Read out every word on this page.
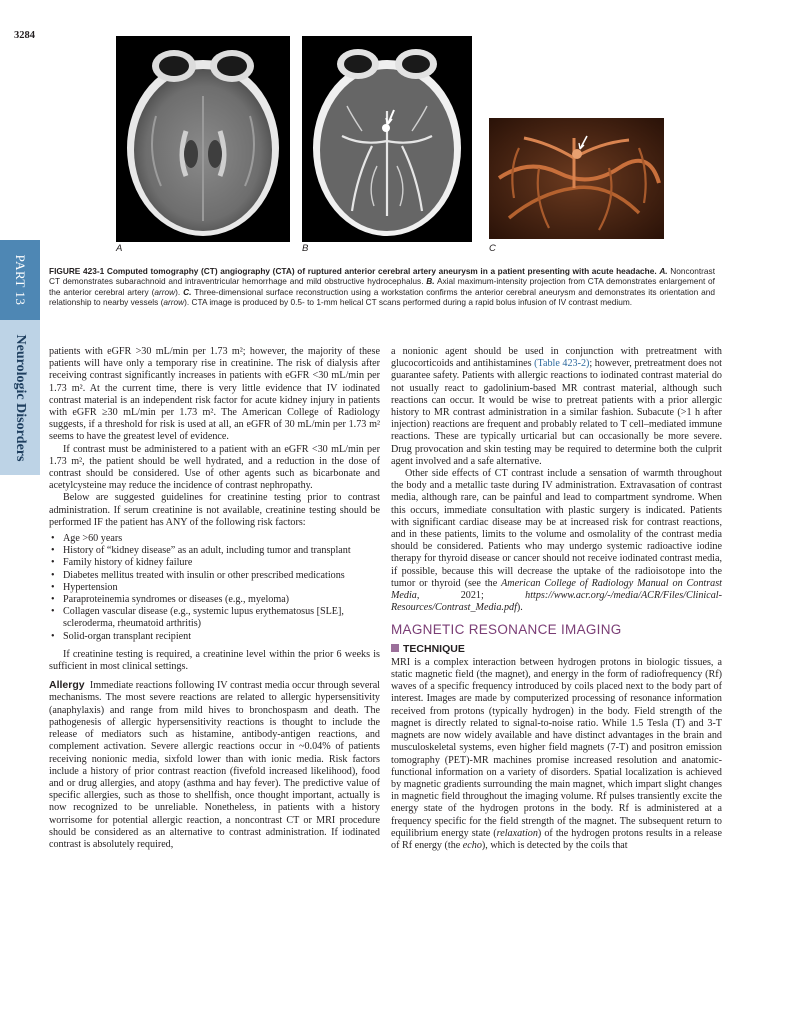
3284
PART 13
Neurologic Disorders
A	B	C
FIGURE 423-1 Computed tomography (CT) angiography (CTA) of ruptured anterior cerebral artery aneurysm in a patient presenting with acute headache. A. Noncontrast CT demonstrates subarachnoid and intraventricular hemorrhage and mild obstructive hydrocephalus. B. Axial maximum-intensity projection from CTA demonstrates enlargement of the anterior cerebral artery (arrow). C. Three-dimensional surface reconstruction using a workstation confirms the anterior cerebral aneurysm and demonstrates its orientation and relationship to nearby vessels (arrow). CTA image is produced by 0.5- to 1-mm helical CT scans performed during a rapid bolus infusion of IV contrast medium.

patients with eGFR >30 mL/min per 1.73 m²; however, the majority of these patients will have only a temporary rise in creatinine. The risk of dialysis after receiving contrast significantly increases in patients with eGFR <30 mL/min per 1.73 m². At the current time, there is very little evidence that IV iodinated contrast material is an independent risk factor for acute kidney injury in patients with eGFR ≥30 mL/min per 1.73 m². The American College of Radiology suggests, if a threshold for risk is used at all, an eGFR of 30 mL/min per 1.73 m² seems to have the greatest level of evidence.

If contrast must be administered to a patient with an eGFR <30 mL/min per 1.73 m², the patient should be well hydrated, and a reduction in the dose of contrast should be considered. Use of other agents such as bicarbonate and acetylcysteine may reduce the incidence of contrast nephropathy.

Below are suggested guidelines for creatinine testing prior to contrast administration. If serum creatinine is not available, creatinine testing should be performed IF the patient has ANY of the following risk factors:

• Age >60 years
• History of “kidney disease” as an adult, including tumor and transplant
• Family history of kidney failure
• Diabetes mellitus treated with insulin or other prescribed medications
• Hypertension
• Paraproteinemia syndromes or diseases (e.g., myeloma)
• Collagen vascular disease (e.g., systemic lupus erythematosus [SLE], scleroderma, rheumatoid arthritis)
• Solid-organ transplant recipient

If creatinine testing is required, a creatinine level within the prior 6 weeks is sufficient in most clinical settings.

Allergy Immediate reactions following IV contrast media occur through several mechanisms. The most severe reactions are related to allergic hypersensitivity (anaphylaxis) and range from mild hives to bronchospasm and death. The pathogenesis of allergic hypersensitivity reactions is thought to include the release of mediators such as histamine, antibody-antigen reactions, and complement activation. Severe allergic reactions occur in ~0.04% of patients receiving nonionic media, sixfold lower than with ionic media. Risk factors include a history of prior contrast reaction (fivefold increased likelihood), food and or drug allergies, and atopy (asthma and hay fever). The predictive value of specific allergies, such as those to shellfish, once thought important, actually is now recognized to be unreliable. Nonetheless, in patients with a history worrisome for potential allergic reaction, a noncontrast CT or MRI procedure should be considered as an alternative to contrast administration. If iodinated contrast is absolutely required,

a nonionic agent should be used in conjunction with pretreatment with glucocorticoids and antihistamines (Table 423-2); however, pretreatment does not guarantee safety. Patients with allergic reactions to iodinated contrast material do not usually react to gadolinium-based MR contrast material, although such reactions can occur. It would be wise to pretreat patients with a prior allergic history to MR contrast administration in a similar fashion. Subacute (>1 h after injection) reactions are frequent and probably related to T cell–mediated immune reactions. These are typically urticarial but can occasionally be more severe. Drug provocation and skin testing may be required to determine both the culprit agent involved and a safe alternative.

Other side effects of CT contrast include a sensation of warmth throughout the body and a metallic taste during IV administration. Extravasation of contrast media, although rare, can be painful and lead to compartment syndrome. When this occurs, immediate consultation with plastic surgery is indicated. Patients with significant cardiac disease may be at increased risk for contrast reactions, and in these patients, limits to the volume and osmolality of the contrast media should be considered. Patients who may undergo systemic radioactive iodine therapy for thyroid disease or cancer should not receive iodinated contrast media, if possible, because this will decrease the uptake of the radioisotope into the tumor or thyroid (see the American College of Radiology Manual on Contrast Media, 2021; https://www.acr.org/-/media/ACR/Files/Clinical-Resources/Contrast_Media.pdf).

MAGNETIC RESONANCE IMAGING

TECHNIQUE

MRI is a complex interaction between hydrogen protons in biologic tissues, a static magnetic field (the magnet), and energy in the form of radiofrequency (Rf) waves of a specific frequency introduced by coils placed next to the body part of interest. Images are made by computerized processing of resonance information received from protons (typically hydrogen) in the body. Field strength of the magnet is directly related to signal-to-noise ratio. While 1.5 Tesla (T) and 3-T magnets are now widely available and have distinct advantages in the brain and musculoskeletal systems, even higher field magnets (7-T) and positron emission tomography (PET)-MR machines promise increased resolution and anatomic-functional information on a variety of disorders. Spatial localization is achieved by magnetic gradients surrounding the main magnet, which impart slight changes in magnetic field throughout the imaging volume. Rf pulses transiently excite the energy state of the hydrogen protons in the body. Rf is administered at a frequency specific for the field strength of the magnet. The subsequent return to equilibrium energy state (relaxation) of the hydrogen protons results in a release of Rf energy (the echo), which is detected by the coils that
